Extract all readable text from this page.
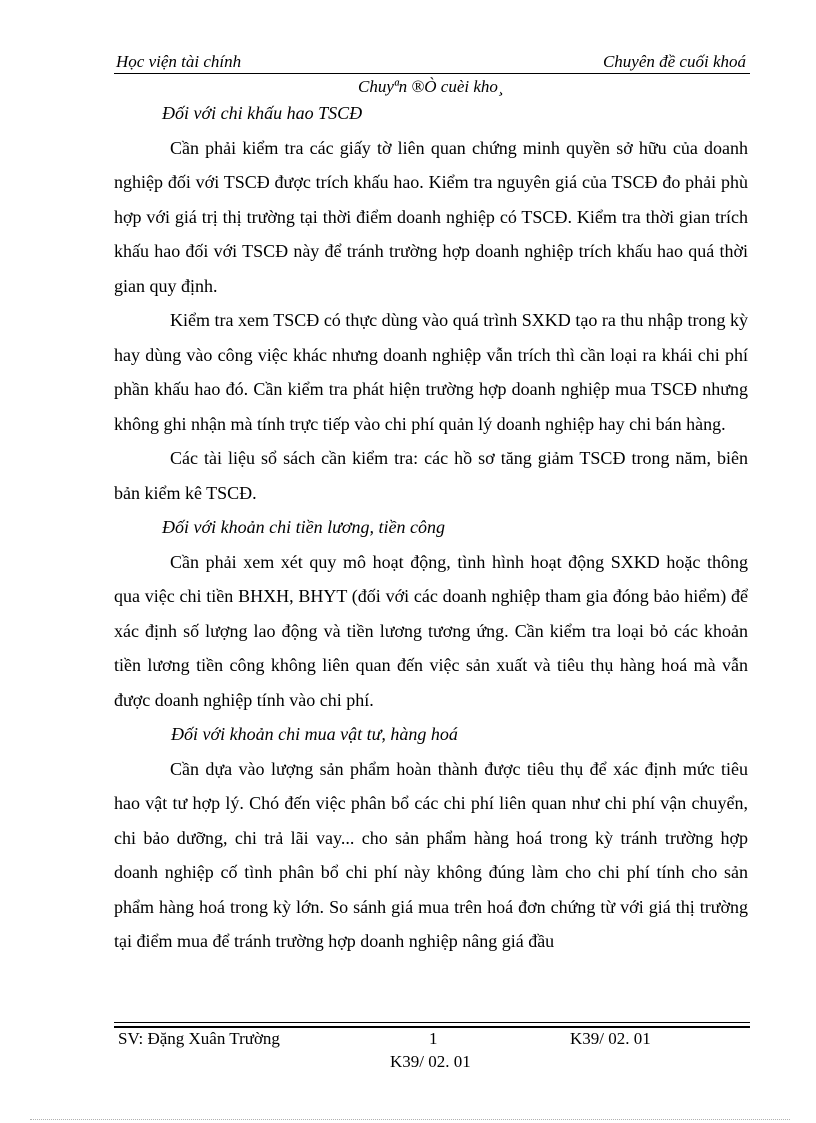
Học viện tài chính	Chuyên đề cuối khoá
Chuyªn ®Ò cuèi kho¸

Đối với chi khấu hao TSCĐ

Cần phải kiểm tra các giấy tờ liên quan chứng minh quyền sở hữu của doanh nghiệp đối với TSCĐ được trích khấu hao. Kiểm tra nguyên giá của TSCĐ đo phải phù hợp với giá trị thị trường tại thời điểm doanh nghiệp có TSCĐ. Kiểm tra thời gian trích khấu hao đối với TSCĐ này để tránh trường hợp doanh nghiệp trích khấu hao quá thời gian quy định.

Kiểm tra xem TSCĐ có thực dùng vào quá trình SXKD tạo ra thu nhập trong kỳ hay dùng vào công việc khác nhưng doanh nghiệp vẫn trích thì cần loại ra khái chi phí phần khấu hao đó. Cần kiểm tra phát hiện trường hợp doanh nghiệp mua TSCĐ nhưng không ghi nhận mà tính trực tiếp vào chi phí quản lý doanh nghiệp hay chi bán hàng.

Các tài liệu sổ sách cần kiểm tra: các hồ sơ tăng giảm TSCĐ trong năm, biên bản kiểm kê TSCĐ.

Đối với khoản chi tiền lương, tiền công

Cần phải xem xét quy mô hoạt động, tình hình hoạt động SXKD hoặc thông qua việc chi tiền BHXH, BHYT (đối với các doanh nghiệp tham gia đóng bảo hiểm) để xác định số lượng lao động và tiền lương tương ứng. Cần kiểm tra loại bỏ các khoản tiền lương tiền công không liên quan đến việc sản xuất và tiêu thụ hàng hoá mà vẫn được doanh nghiệp tính vào chi phí.

Đối với khoản chi mua vật tư, hàng hoá

Cần dựa vào lượng sản phẩm hoàn thành được tiêu thụ để xác định mức tiêu hao vật tư hợp lý. Chó đến việc phân bổ các chi phí liên quan như chi phí vận chuyển, chi bảo dưỡng, chi trả lãi vay... cho sản phẩm hàng hoá trong kỳ tránh trường hợp doanh nghiệp cố tình phân bổ chi phí này không đúng làm cho chi phí tính cho sản phẩm hàng hoá trong kỳ lớn. So sánh giá mua trên hoá đơn chứng từ với giá thị trường tại điểm mua để tránh trường hợp doanh nghiệp nâng giá đầu

SV: Đặng Xuân Trường	1	K39/ 02. 01
K39/ 02. 01
